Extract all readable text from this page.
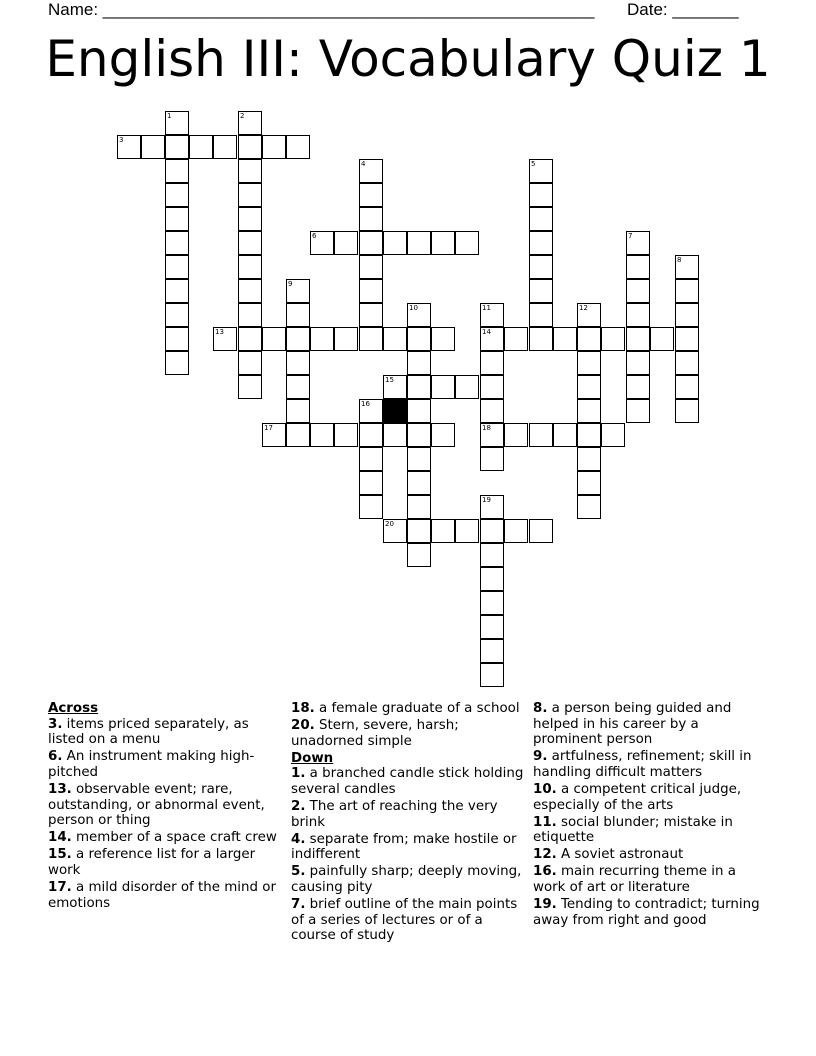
Name: ____________________________________________________ Date: _______
English III: Vocabulary Quiz 1
1	2
3
4	5
6	7
8
9
10	11
14
18
12
13
15
16
17
19
20

Across

3. items priced separately, as listed on a menu

6. An instrument making high-pitched

13. observable event; rare, outstanding, or abnormal event, person or thing

14. member of a space craft crew

15. a reference list for a larger work

17. a mild disorder of the mind or emotions

18. a female graduate of a school

20. Stern, severe, harsh; unadorned simple

Down

1. a branched candle stick holding several candles

2. The art of reaching the very brink

4. separate from; make hostile or indifferent

5. painfully sharp; deeply moving, causing pity

7. brief outline of the main points of a series of lectures or of a course of study

8. a person being guided and helped in his career by a prominent person

9. artfulness, refinement; skill in handling difficult matters

10. a competent critical judge, especially of the arts

11. social blunder; mistake in etiquette

12. A soviet astronaut

16. main recurring theme in a work of art or literature

19. Tending to contradict; turning away from right and good
